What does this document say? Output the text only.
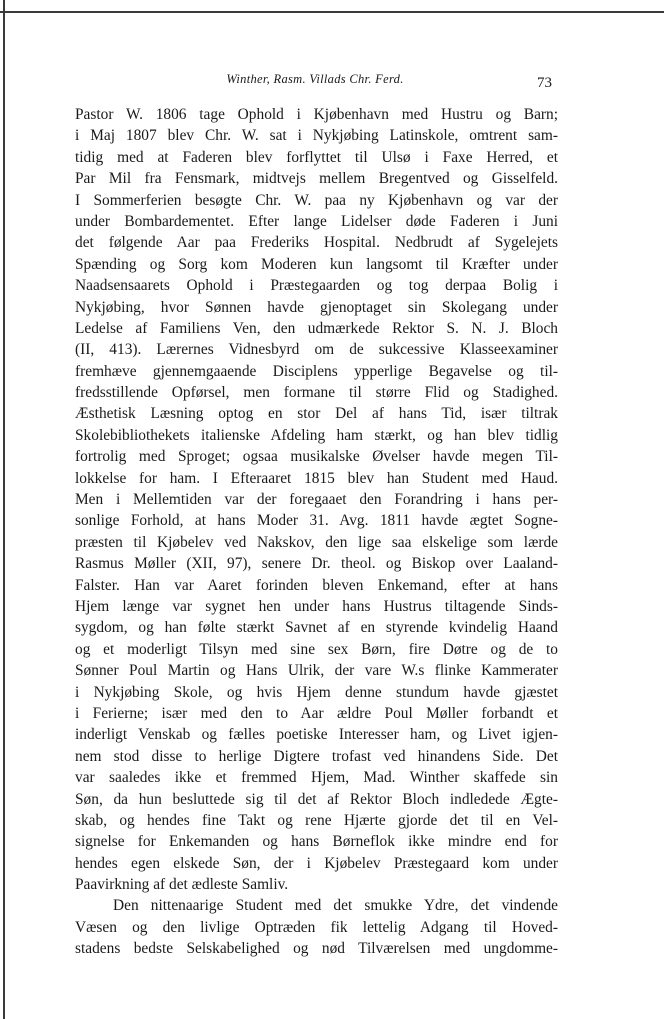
Winther, Rasm. Villads Chr. Ferd.	73
Pastor W. 1806 tage Ophold i Kjøbenhavn med Hustru og Barn;
i Maj 1807 blev Chr. W. sat i Nykjøbing Latinskole, omtrent sam-
tidig med at Faderen blev forflyttet til Ulsø i Faxe Herred, et
Par Mil fra Fensmark, midtvejs mellem Bregentved og Gisselfeld.
I Sommerferien besøgte Chr. W. paa ny Kjøbenhavn og var der
under Bombardementet. Efter lange Lidelser døde Faderen i Juni
det følgende Aar paa Frederiks Hospital. Nedbrudt af Sygelejets
Spænding og Sorg kom Moderen kun langsomt til Kræfter under
Naadsensaarets Ophold i Præstegaarden og tog derpaa Bolig i
Nykjøbing, hvor Sønnen havde gjenoptaget sin Skolegang under
Ledelse af Familiens Ven, den udmærkede Rektor S. N. J. Bloch
(II, 413). Lærernes Vidnesbyrd om de sukcessive Klasseexaminer
fremhæve gjennemgaaende Disciplens ypperlige Begavelse og til-
fredsstillende Opførsel, men formane til større Flid og Stadighed.
Æsthetisk Læsning optog en stor Del af hans Tid, især tiltrak
Skolebibliothekets italienske Afdeling ham stærkt, og han blev tidlig
fortrolig med Sproget; ogsaa musikalske Øvelser havde megen Til-
lokkelse for ham. I Efteraaret 1815 blev han Student med Haud.
Men i Mellemtiden var der foregaaet den Forandring i hans per-
sonlige Forhold, at hans Moder 31. Avg. 1811 havde ægtet Sogne-
præsten til Kjøbelev ved Nakskov, den lige saa elskelige som lærde
Rasmus Møller (XII, 97), senere Dr. theol. og Biskop over Laaland-
Falster. Han var Aaret forinden bleven Enkemand, efter at hans
Hjem længe var sygnet hen under hans Hustrus tiltagende Sinds-
sygdom, og han følte stærkt Savnet af en styrende kvindelig Haand
og et moderligt Tilsyn med sine sex Børn, fire Døtre og de to
Sønner Poul Martin og Hans Ulrik, der vare W.s flinke Kammerater
i Nykjøbing Skole, og hvis Hjem denne stundum havde gjæstet
i Ferierne; især med den to Aar ældre Poul Møller forbandt et
inderligt Venskab og fælles poetiske Interesser ham, og Livet igjen-
nem stod disse to herlige Digtere trofast ved hinandens Side. Det
var saaledes ikke et fremmed Hjem, Mad. Winther skaffede sin
Søn, da hun besluttede sig til det af Rektor Bloch indledede Ægte-
skab, og hendes fine Takt og rene Hjærte gjorde det til en Vel-
signelse for Enkemanden og hans Børneflok ikke mindre end for
hendes egen elskede Søn, der i Kjøbelev Præstegaard kom under
Paavirkning af det ædleste Samliv.
Den nittenaarige Student med det smukke Ydre, det vindende
Væsen og den livlige Optræden fik lettelig Adgang til Hoved-
stadens bedste Selskabelighed og nød Tilværelsen med ungdomme-
